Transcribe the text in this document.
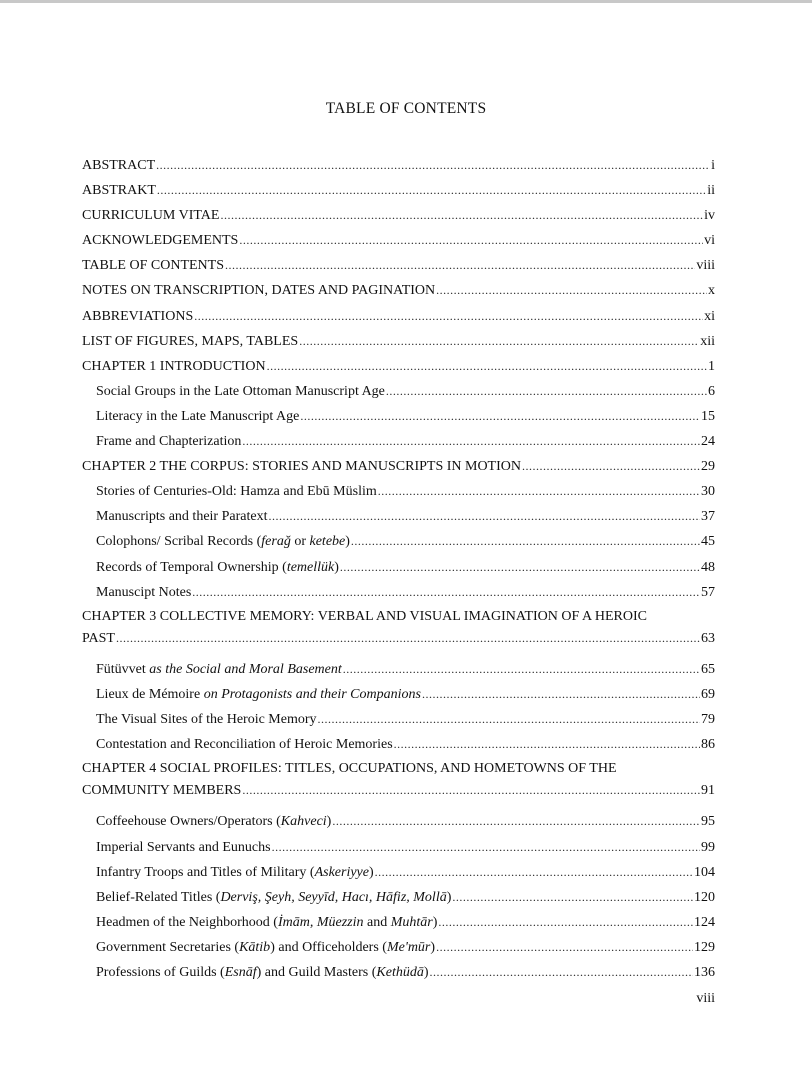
TABLE OF CONTENTS
ABSTRACT .....	i
ABSTRAKT .....	ii
CURRICULUM VITAE .....	iv
ACKNOWLEDGEMENTS .....	vi
TABLE OF CONTENTS .....	viii
NOTES ON TRANSCRIPTION, DATES AND PAGINATION .....	x
ABBREVIATIONS .....	xi
LIST OF FIGURES, MAPS, TABLES .....	xii
CHAPTER 1 INTRODUCTION .....	1
Social Groups in the Late Ottoman Manuscript Age .....	6
Literacy in the Late Manuscript Age .....	15
Frame and Chapterization .....	24
CHAPTER 2 THE CORPUS: STORIES AND MANUSCRIPTS IN MOTION .....	29
Stories of Centuries-Old: Hamza and Ebū Müslim .....	30
Manuscripts and their Paratext .....	37
Colophons/ Scribal Records (ferağ or ketebe) .....	45
Records of Temporal Ownership (temellük) .....	48
Manuscipt Notes .....	57
CHAPTER 3 COLLECTIVE MEMORY: VERBAL AND VISUAL IMAGINATION OF A HEROIC
PAST .....	63
Fütüvvet as the Social and Moral Basement .....	65
Lieux de Mémoire on Protagonists and their Companions .....	69
The Visual Sites of the Heroic Memory .....	79
Contestation and Reconciliation of Heroic Memories .....	86
CHAPTER 4 SOCIAL PROFILES: TITLES, OCCUPATIONS, AND HOMETOWNS OF THE
COMMUNITY MEMBERS .....	91
Coffeehouse Owners/Operators (Kahveci) .....	95
Imperial Servants and Eunuchs .....	99
Infantry Troops and Titles of Military (Askeriyye) .....	104
Belief-Related Titles (Derviş, Şeyh, Seyyīd, Hacı, Hāfiz, Mollā) .....	120
Headmen of the Neighborhood (İmām, Müezzin and Muhtār) .....	124
Government Secretaries (Kātib) and Officeholders (Me'mūr) .....	129
Professions of Guilds (Esnāf) and Guild Masters (Kethüdā) .....	136
viii
